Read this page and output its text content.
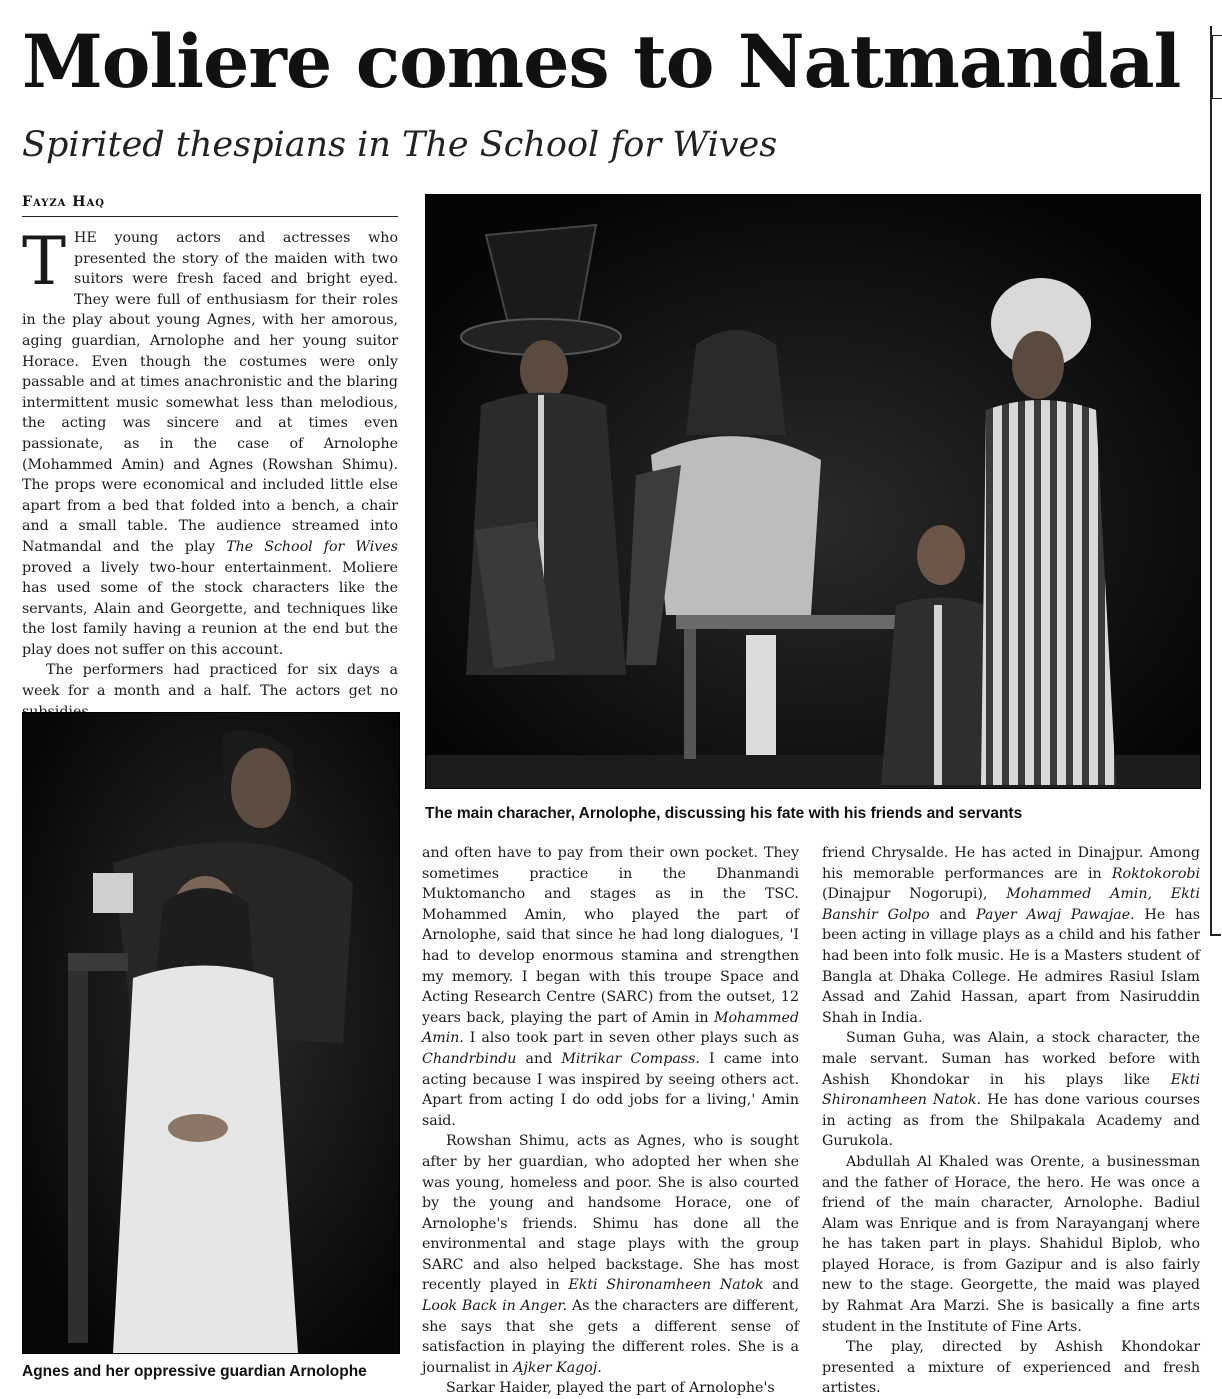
Moliere comes to Natmandal
Spirited thespians in The School for Wives
Fayza Haq

THE young actors and actresses who presented the story of the maiden with two suitors were fresh faced and bright eyed. They were full of enthusiasm for their roles in the play about young Agnes, with her amorous, aging guardian, Arnolophe and her young suitor Horace. Even though the costumes were only passable and at times anachronistic and the blaring intermittent music somewhat less than melodious, the acting was sincere and at times even passionate, as in the case of Arnolophe (Mohammed Amin) and Agnes (Rowshan Shimu). The props were economical and included little else apart from a bed that folded into a bench, a chair and a small table. The audience streamed into Natmandal and the play The School for Wives proved a lively two-hour entertainment. Moliere has used some of the stock characters like the servants, Alain and Georgette, and techniques like the lost family having a reunion at the end but the play does not suffer on this account.

The performers had practiced for six days a week for a month and a half. The actors get no

The main characher, Arnolophe, discussing his fate with his friends and servants
Agnes and her oppressive guardian Arnolophe

and often have to pay from their own pocket. They sometimes practice in the Dhanmandi Muktomancho and stages as in the TSC. Mohammed Amin, who played the part of Arnolophe, said that since he had long dialogues, 'I had to develop enormous stamina and strengthen my memory. I began with this troupe Space and Acting Research Centre (SARC) from the outset, 12 years back, playing the part of Amin in Mohammed Amin. I also took part in seven other plays such as Chandrbindu and Mitrikar Compass. I came into acting because I was inspired by seeing others act. Apart from acting I do odd jobs for a living,' Amin said.

Rowshan Shimu, acts as Agnes, who is sought after by her guardian, who adopted her when she was young, homeless and poor. She is also courted by the young and handsome Horace, one of Arnolophe's friends. Shimu has done all the environmental and stage plays with the group SARC and also helped backstage. She has most recently played in Ekti Shironamheen Natok and Look Back in Anger. As the characters are different, she says that she gets a different sense of satisfaction in playing the different roles. She is a journalist in Ajker Kagoj.

Sarkar Haider, played the part of Arnolophe's

friend Chrysalde. He has acted in Dinajpur. Among his memorable performances are in Roktokorobi (Dinajpur Nogorupi), Mohammed Amin, Ekti Banshir Golpo and Payer Awaj Pawajae. He has been acting in village plays as a child and his father had been into folk music. He is a Masters student of Bangla at Dhaka College. He admires Rasiul Islam Assad and Zahid Hassan, apart from Nasiruddin Shah in India.

Suman Guha, was Alain, a stock character, the male servant. Suman has worked before with Ashish Khondokar in his plays like Ekti Shironamheen Natok. He has done various courses in acting as from the Shilpakala Academy and Gurukola.

Abdullah Al Khaled was Orente, a businessman and the father of Horace, the hero. He was once a friend of the main character, Arnolophe. Badiul Alam was Enrique and is from Narayanganj where he has taken part in plays. Shahidul Biplob, who played Horace, is from Gazipur and is also fairly new to the stage. Georgette, the maid was played by Rahmat Ara Marzi. She is basically a fine arts student in the Institute of Fine Arts.

The play, directed by Ashish Khondokar presented a mixture of experienced and fresh artistes.
